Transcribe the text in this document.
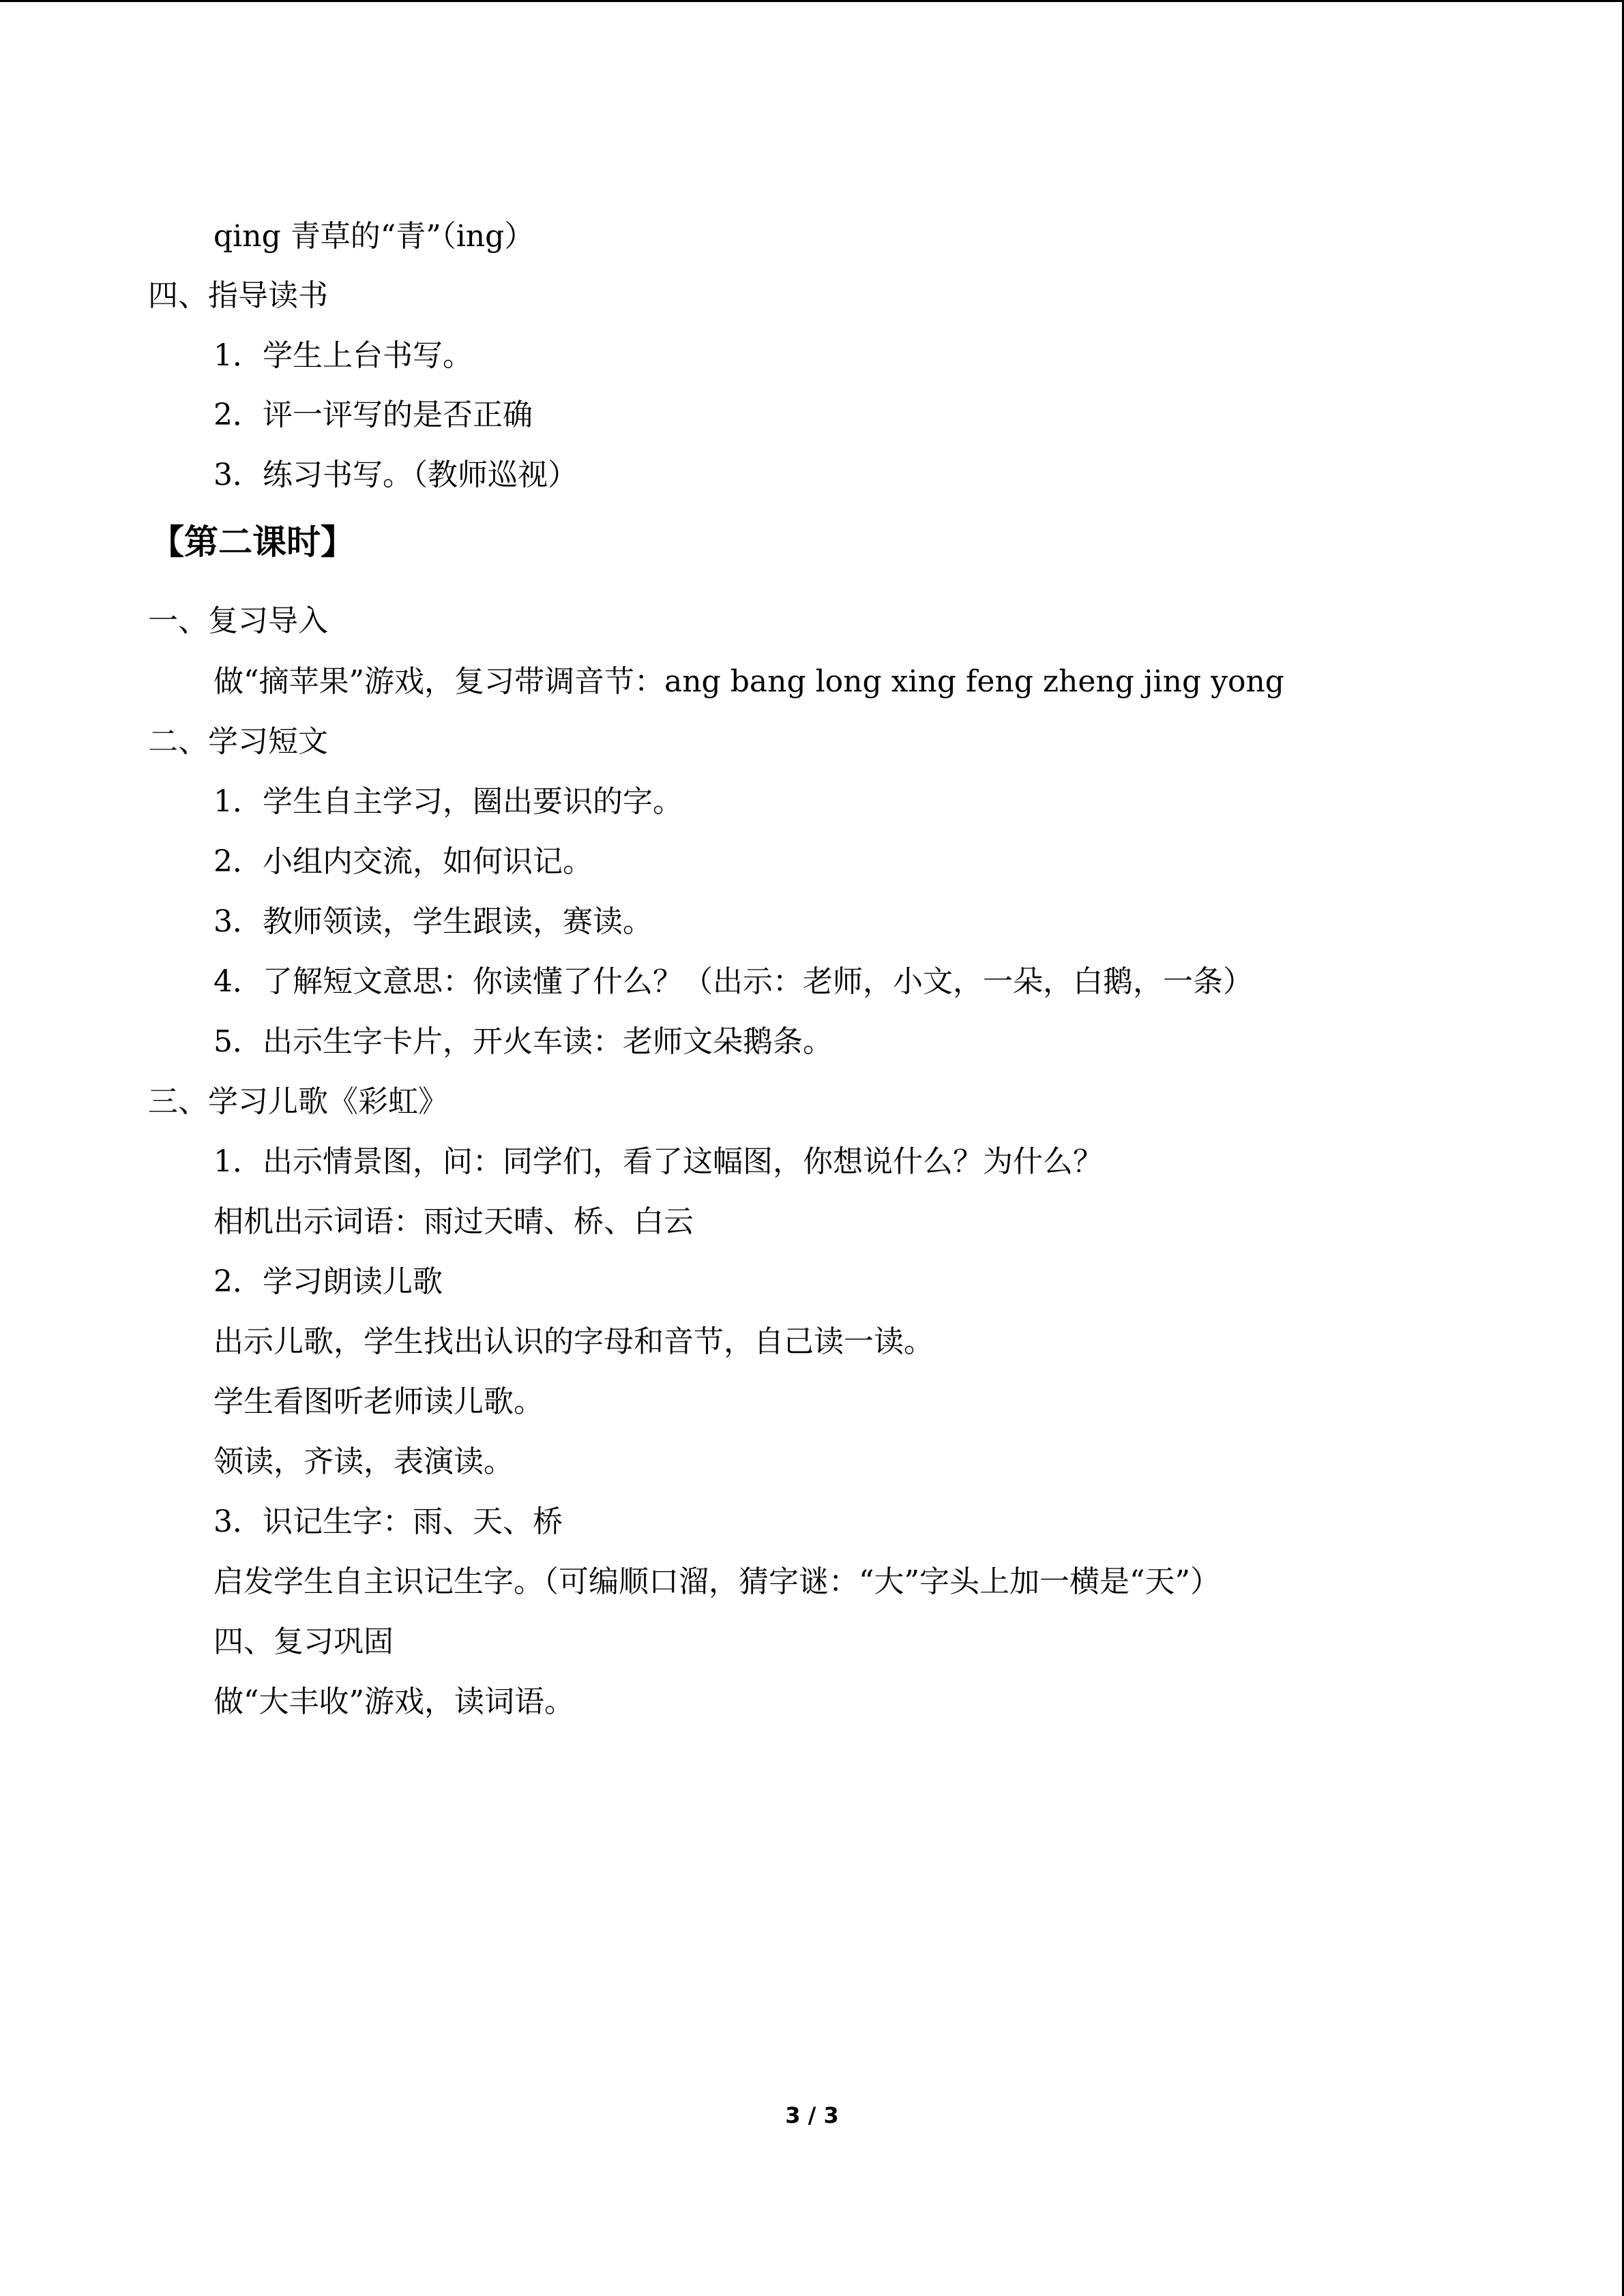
qing 青草的“青”（ing）
四、指导读书
1．学生上台书写。
2．评一评写的是否正确
3．练习书写。（教师巡视）
【第二课时】
一、复习导入
做“摘苹果”游戏，复习带调音节：ang bang long xing feng zheng jing yong
二、学习短文
1．学生自主学习，圈出要识的字。
2．小组内交流，如何识记。
3．教师领读，学生跟读，赛读。
4．了解短文意思：你读懂了什么？（出示：老师，小文，一朵，白鹅，一条）
5．出示生字卡片，开火车读：老师文朵鹅条。
三、学习儿歌《彩虹》
1．出示情景图，问：同学们，看了这幅图，你想说什么？为什么？
相机出示词语：雨过天晴、桥、白云
2．学习朗读儿歌
出示儿歌，学生找出认识的字母和音节，自己读一读。
学生看图听老师读儿歌。
领读，齐读，表演读。
3．识记生字：雨、天、桥
启发学生自主识记生字。（可编顺口溜，猜字谜：“大”字头上加一横是“天”）
四、复习巩固
做“大丰收”游戏，读词语。
3 / 3
